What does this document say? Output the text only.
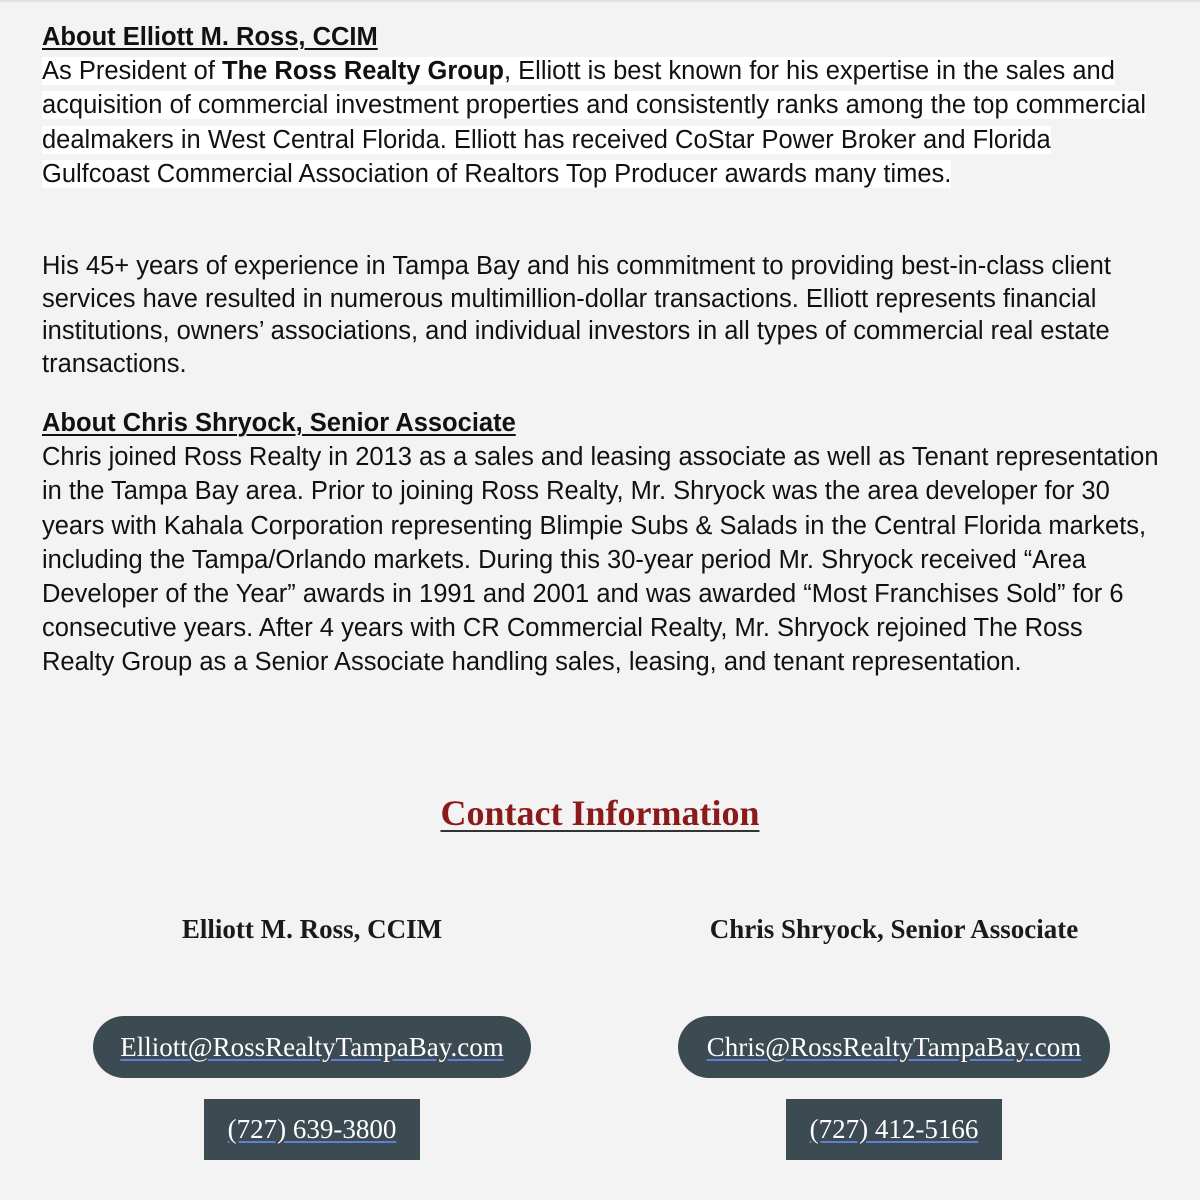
About Elliott M. Ross, CCIM

As President of The Ross Realty Group, Elliott is best known for his expertise in the sales and acquisition of commercial investment properties and consistently ranks among the top commercial dealmakers in West Central Florida. Elliott has received CoStar Power Broker and Florida Gulfcoast Commercial Association of Realtors Top Producer awards many times.

His 45+ years of experience in Tampa Bay and his commitment to providing best-in-class client services have resulted in numerous multimillion-dollar transactions. Elliott represents financial institutions, owners’ associations, and individual investors in all types of commercial real estate transactions.

About Chris Shryock, Senior Associate

Chris joined Ross Realty in 2013 as a sales and leasing associate as well as Tenant representation in the Tampa Bay area. Prior to joining Ross Realty, Mr. Shryock was the area developer for 30 years with Kahala Corporation representing Blimpie Subs & Salads in the Central Florida markets, including the Tampa/Orlando markets. During this 30-year period Mr. Shryock received “Area Developer of the Year” awards in 1991 and 2001 and was awarded “Most Franchises Sold” for 6 consecutive years. After 4 years with CR Commercial Realty, Mr. Shryock rejoined The Ross Realty Group as a Senior Associate handling sales, leasing, and tenant representation.

Contact Information
Elliott M. Ross, CCIM	Chris Shryock, Senior Associate
Elliott@RossRealtyTampaBay.com	Chris@RossRealtyTampaBay.com
(727) 639-3800	(727) 412-5166
